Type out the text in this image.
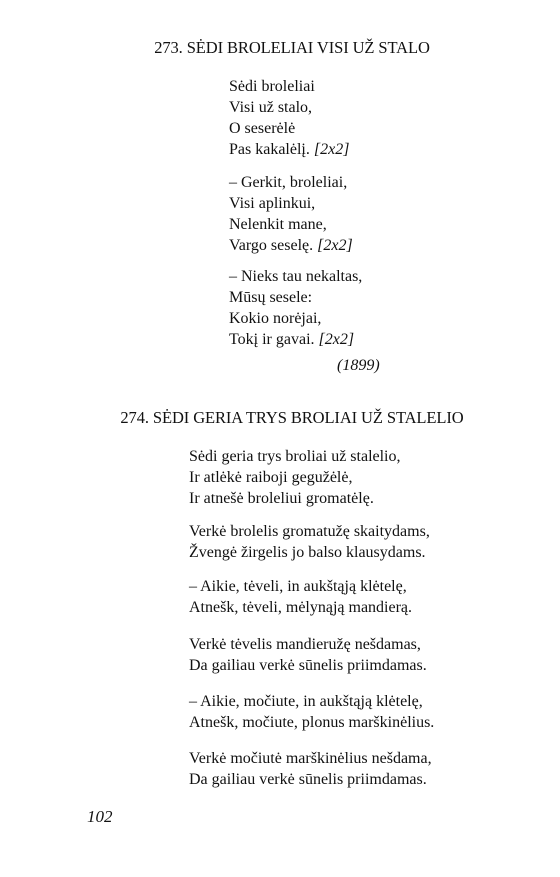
273. SĖDI BROLELIAI VISI UŽ STALO
Sėdi broleliai
Visi už stalo,
O seserėlė
Pas kakalėlį. [2x2]
– Gerkit, broleliai,
Visi aplinkui,
Nelenkit mane,
Vargo seselę. [2x2]
– Nieks tau nekaltas,
Mūsų sesele:
Kokio norėjai,
Tokį ir gavai. [2x2]
(1899)
274. SĖDI GERIA TRYS BROLIAI UŽ STALELIO
Sėdi geria trys broliai už stalelio,
Ir atlėkė raiboji gegužėlė,
Ir atnešė broleliui gromatėlę.
Verkė brolelis gromatužę skaitydams,
Žvengė žirgelis jo balso klausydams.
– Aikie, tėveli, in aukštąją klėtelę,
Atnešk, tėveli, mėlynąją mandierą.
Verkė tėvelis mandieružę nešdamas,
Da gailiau verkė sūnelis priimdamas.
– Aikie, močiute, in aukštąją klėtelę,
Atnešk, močiute, plonus marškinėlius.
Verkė močiutė marškinėlius nešdama,
Da gailiau verkė sūnelis priimdamas.
102
